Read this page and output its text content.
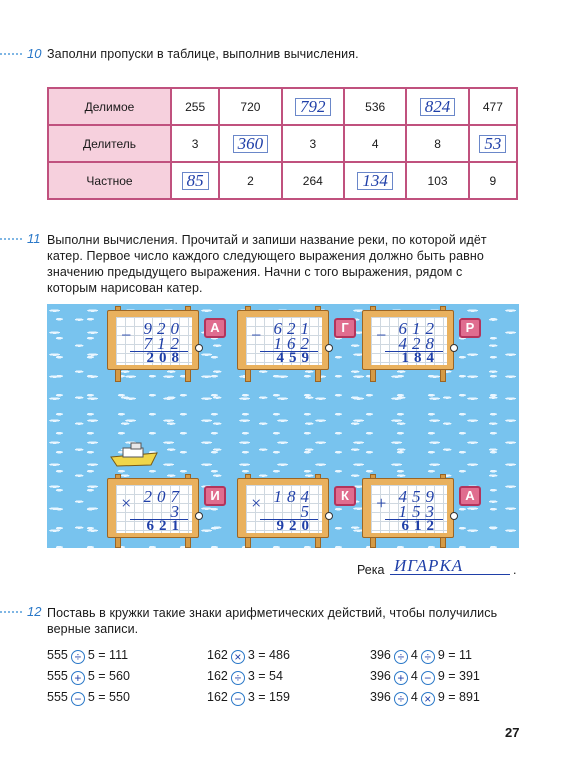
10 Заполни пропуски в таблице, выполнив вычисления.
Делимое	255	720	792	536	824	477
Делитель	3	360	3	4	8	53
Частное	85	2	264	134	103	9
11 Выполни вычисления. Прочитай и запиши название реки, по которой идёт
катер. Первое число каждого следующего выражения должно быть равно
значению предыдущего выражения. Начни с того выражения, рядом с
которым нарисован катер.
− 920
712
208
А	− 621
162
459
Г	− 612
428
184
Р
× 207
3
621
И	× 184
5
920
К	+ 459
153
612
А
Река ИГАРКА	.
12 Поставь в кружки такие знаки арифметических действий, чтобы получились
верные записи.
555 ÷ 5 = 111
555 + 5 = 560
555 − 5 = 550
162 × 3 = 486
162 ÷ 3 = 54
162 − 3 = 159
396 ÷ 4 ÷ 9 = 11
396 + 4 − 9 = 391
396 ÷ 4 × 9 = 891
27
